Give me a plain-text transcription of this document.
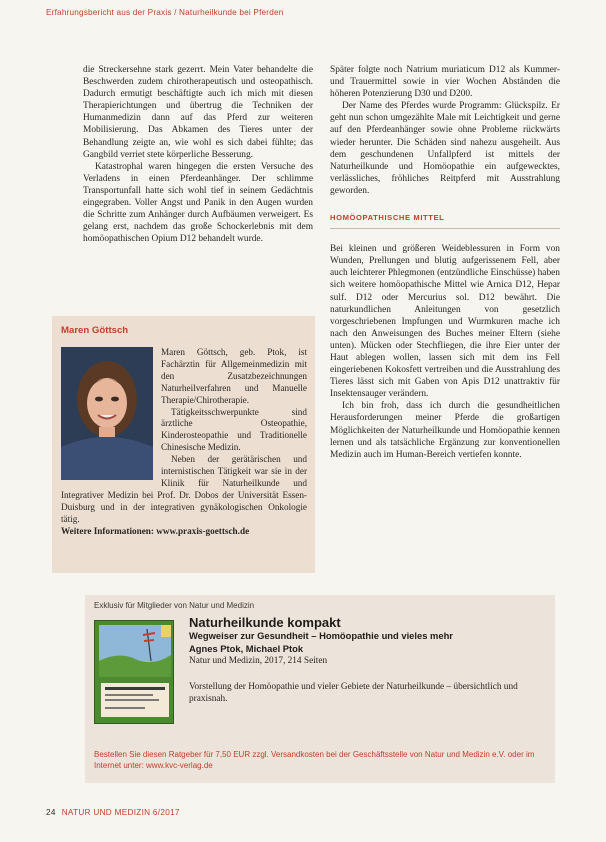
Erfahrungsbericht aus der Praxis / Naturheilkunde bei Pferden

die Streckersehne stark gezerrt. Mein Vater behandelte die Beschwerden zudem chirotherapeutisch und osteopathisch. Dadurch ermutigt beschäftigte auch ich mich mit diesen Therapierichtungen und übertrug die Techniken der Humanmedizin dann auf das Pferd zur weiteren Mobilisierung. Das Abkamen des Tieres unter der Behandlung zeigte an, wie wohl es sich dabei fühlte; das Gangbild verriet stete körperliche Besserung.

Katastrophal waren hingegen die ersten Versuche des Verladens in einen Pferdeanhänger. Der schlimme Transportunfall hatte sich wohl tief in seinem Gedächtnis eingegraben. Voller Angst und Panik in den Augen wurden die Schritte zum Anhänger durch Aufbäumen verweigert. Es gelang erst, nachdem das große Schockerlebnis mit dem homöopathischen Opium D12 behandelt wurde.

Später folgte noch Natrium muriaticum D12 als Kummer- und Trauermittel sowie in vier Wochen Abständen die höheren Potenzierung D30 und D200.

Der Name des Pferdes wurde Programm: Glückspilz. Er geht nun schon umgezählte Male mit Leichtigkeit und gerne auf den Pferdeanhänger sowie ohne Probleme rückwärts wieder herunter. Die Schäden sind nahezu ausgeheilt. Aus dem geschundenen Unfallpferd ist mittels der Naturheilkunde und Homöopathie ein aufgewecktes, verlässliches, fröhliches Reitpferd mit Ausstrahlung geworden.

HOMÖOPATHISCHE MITTEL

Bei kleinen und größeren Weideblessuren in Form von Wunden, Prellungen und blutig aufgerissenem Fell, aber auch leichterer Phlegmonen (entzündliche Einschüsse) haben sich weitere homöopathische Mittel wie Arnica D12, Hepar sulf. D12 oder Mercurius sol. D12 bewährt. Die naturkundlichen Anleitungen von gesetzlich vorgeschriebenen Impfungen und Wurmkuren mache ich nach den Anweisungen des Buches meiner Eltern (siehe unten). Mücken oder Stechfliegen, die ihre Eier unter der Haut ablegen wollen, lassen sich mit dem ins Fell eingeriebenen Kokosfett vertreiben und die Ausstrahlung des Tieres lässt sich mit Gaben von Apis D12 unattraktiv für Insektensauger verändern.

Ich bin froh, dass ich durch die gesundheitlichen Herausforderungen meiner Pferde die großartigen Möglichkeiten der Naturheilkunde und Homöopathie kennen lernen und als tatsächliche Ergänzung zur konventionellen Medizin auch im Human-Bereich vertiefen konnte.

Maren Göttsch

Maren Göttsch, geb. Ptok, ist Fachärztin für Allgemeinmedizin mit den Zusatzbezeichnungen Naturheilverfahren und Manuelle Therapie/Chirotherapie.

Tätigkeitsschwerpunkte sind ärztliche Osteopathie, Kinderosteopathie und Traditionelle Chinesische Medizin.

Neben der gerätärischen und internistischen Tätigkeit war sie in der Klinik für Naturheilkunde und Integrativer Medizin bei Prof. Dr. Dobos der Universität Essen-Duisburg und in der integrativen gynäkologischen Onkologie tätig.

Weitere Informationen: www.praxis-goettsch.de

Exklusiv für Mitglieder von Natur und Medizin
Naturheilkunde kompakt
Wegweiser zur Gesundheit – Homöopathie und vieles mehr
Agnes Ptok, Michael Ptok
Natur und Medizin, 2017, 214 Seiten
Vorstellung der Homöopathie und vieler Gebiete der Naturheilkunde – übersichtlich und praxisnah.
Bestellen Sie diesen Ratgeber für 7,50 EUR zzgl. Versandkosten bei der Geschäftsstelle von Natur und Medizin e.V. oder im Internet unter: www.kvc-verlag.de
24 NATUR UND MEDIZIN 6/2017
